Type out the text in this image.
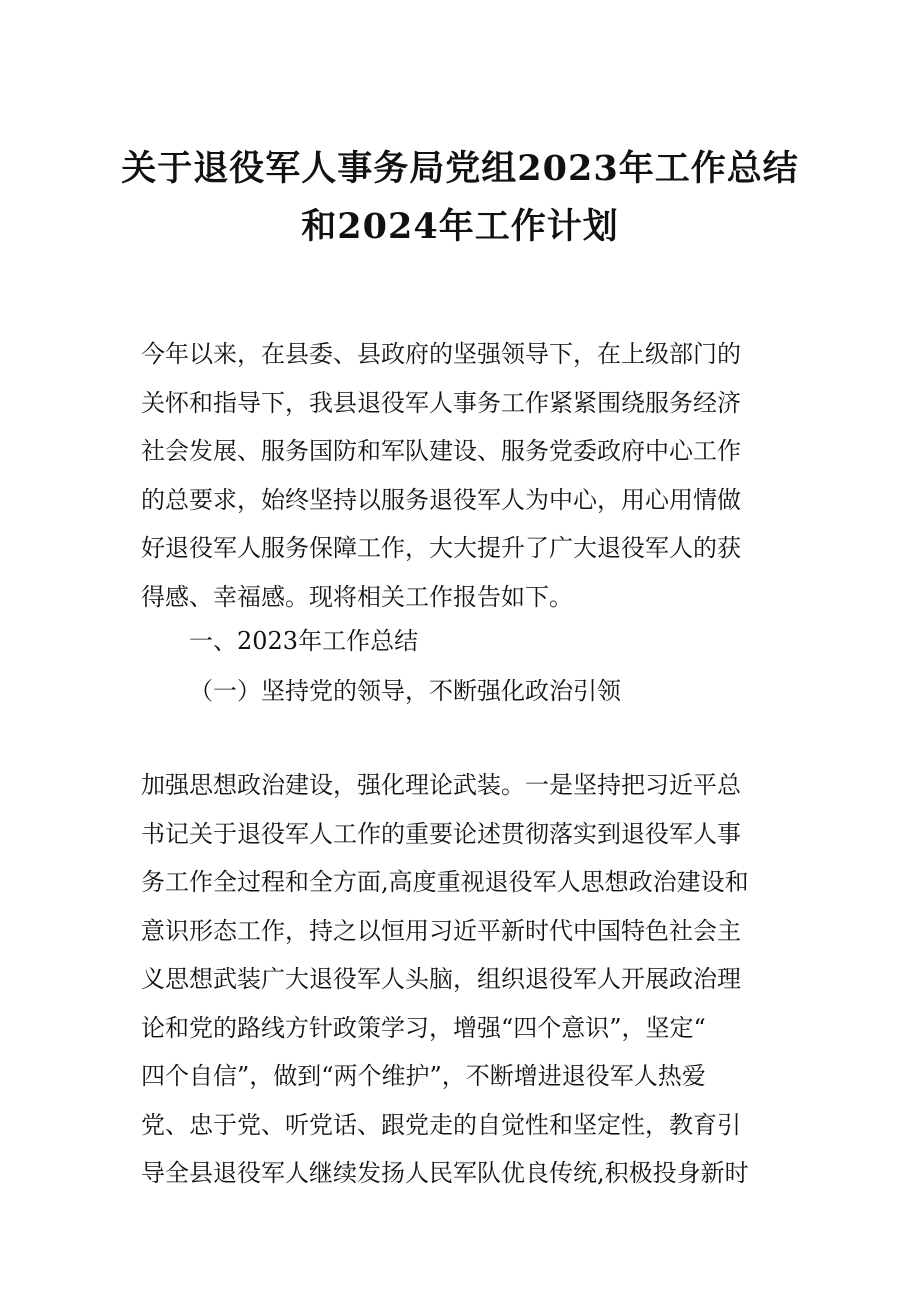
关于退役军人事务局党组2023年工作总结
和2024年工作计划
今年以来，在县委、县政府的坚强领导下，在上级部门的
关怀和指导下，我县退役军人事务工作紧紧围绕服务经济
社会发展、服务国防和军队建设、服务党委政府中心工作
的总要求，始终坚持以服务退役军人为中心，用心用情做
好退役军人服务保障工作，大大提升了广大退役军人的获
得感、幸福感。现将相关工作报告如下。
一、2023年工作总结
（一）坚持党的领导，不断强化政治引领
加强思想政治建设，强化理论武装。一是坚持把习近平总
书记关于退役军人工作的重要论述贯彻落实到退役军人事
务工作全过程和全方面,高度重视退役军人思想政治建设和
意识形态工作，持之以恒用习近平新时代中国特色社会主
义思想武装广大退役军人头脑，组织退役军人开展政治理
论和党的路线方针政策学习，增强“四个意识”，坚定“
四个自信”，做到“两个维护”，不断增进退役军人热爱
党、忠于党、听党话、跟党走的自觉性和坚定性，教育引
导全县退役军人继续发扬人民军队优良传统,积极投身新时
